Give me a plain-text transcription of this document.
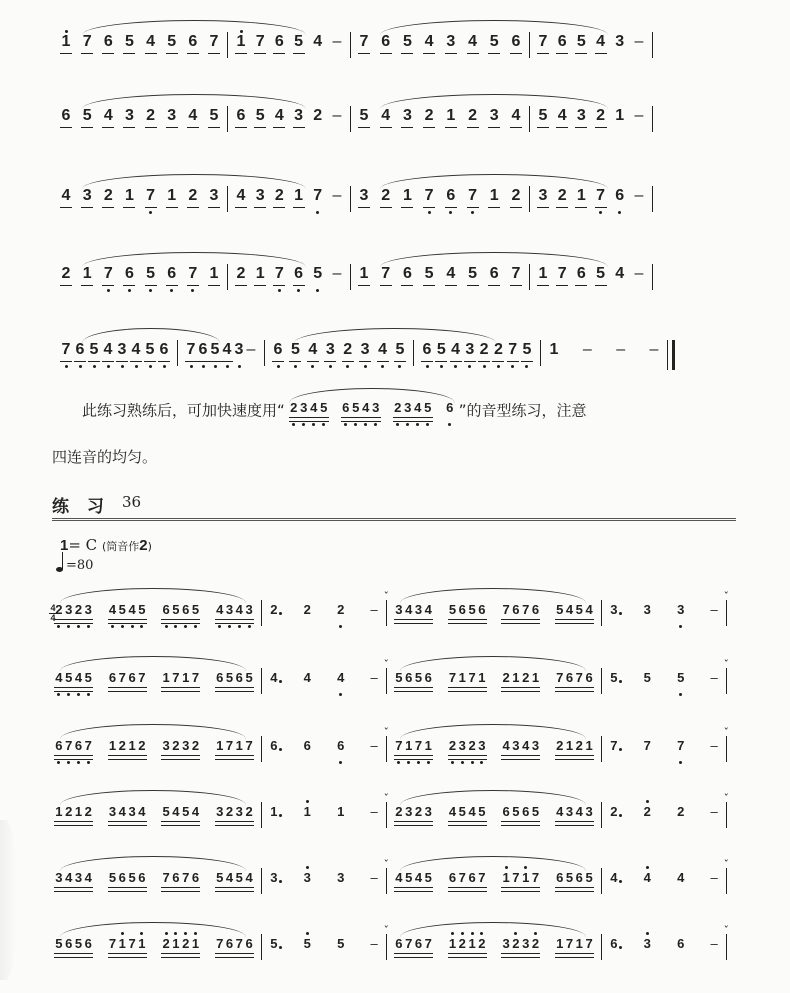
1 7 6 5 4 5 6 7 1 7 6 5 4 – 7 6 5 4 3 4 5 6 7 6 5 4 3 –
6 5 4 3 2 3 4 5 6 5 4 3 2 – 5 4 3 2 1 2 3 4 5 4 3 2 1 –
4 3 2 1 7 1 2 3 4 3 2 1 7 – 3 2 1 7 6 7 1 2 3 2 1 7 6 –
2 1 7 6 5 6 7 1 2 1 7 6 5 – 1 7 6 5 4 5 6 7 1 7 6 5 4 –
7 6 5 4 3 4 5 6 7 6 5 4 3 – 6 5 4 3 2 3 4 5 6 5 4 3 2 2 7 5 1 – – –
此练习熟练后，可加快速度用“ 2 3 4 5 6 5 4 3 2 3 4 5 6 ”的音型练习，注意
四连音的均匀。
练 习 36
1= C (筒音作2)
=80
4
4
2 3 2 3 4 5 4 5 6 5 6 5 4 3 4 3 2 2 2 –
ˇ
3 4 3 4 5 6 5 6 7 6 7 6 5 4 5 4 3 3 3 –
ˇ
4 5 4 5 6 7 6 7 1 7 1 7 6 5 6 5 4 4 4 –
ˇ
5 6 5 6 7 1 7 1 2 1 2 1 7 6 7 6 5 5 5 –
ˇ
6 7 6 7 1 2 1 2 3 2 3 2 1 7 1 7 6 6 6 –
ˇ
7 1 7 1 2 3 2 3 4 3 4 3 2 1 2 1 7 7 7 –
ˇ
1 2 1 2 3 4 3 4 5 4 5 4 3 2 3 2 1 1 1 –
ˇ
2 3 2 3 4 5 4 5 6 5 6 5 4 3 4 3 2 2 2 –
ˇ
3 4 3 4 5 6 5 6 7 6 7 6 5 4 5 4 3 3 3 –
ˇ
4 5 4 5 6 7 6 7 1 7 1 7 6 5 6 5 4 4 4 –
ˇ
5 6 5 6 7 1 7 1 2 1 2 1 7 6 7 6 5 5 5 –
ˇ
6 7 6 7 1 2 1 2 3 2 3 2 1 7 1 7 6 3 6 –
ˇ
